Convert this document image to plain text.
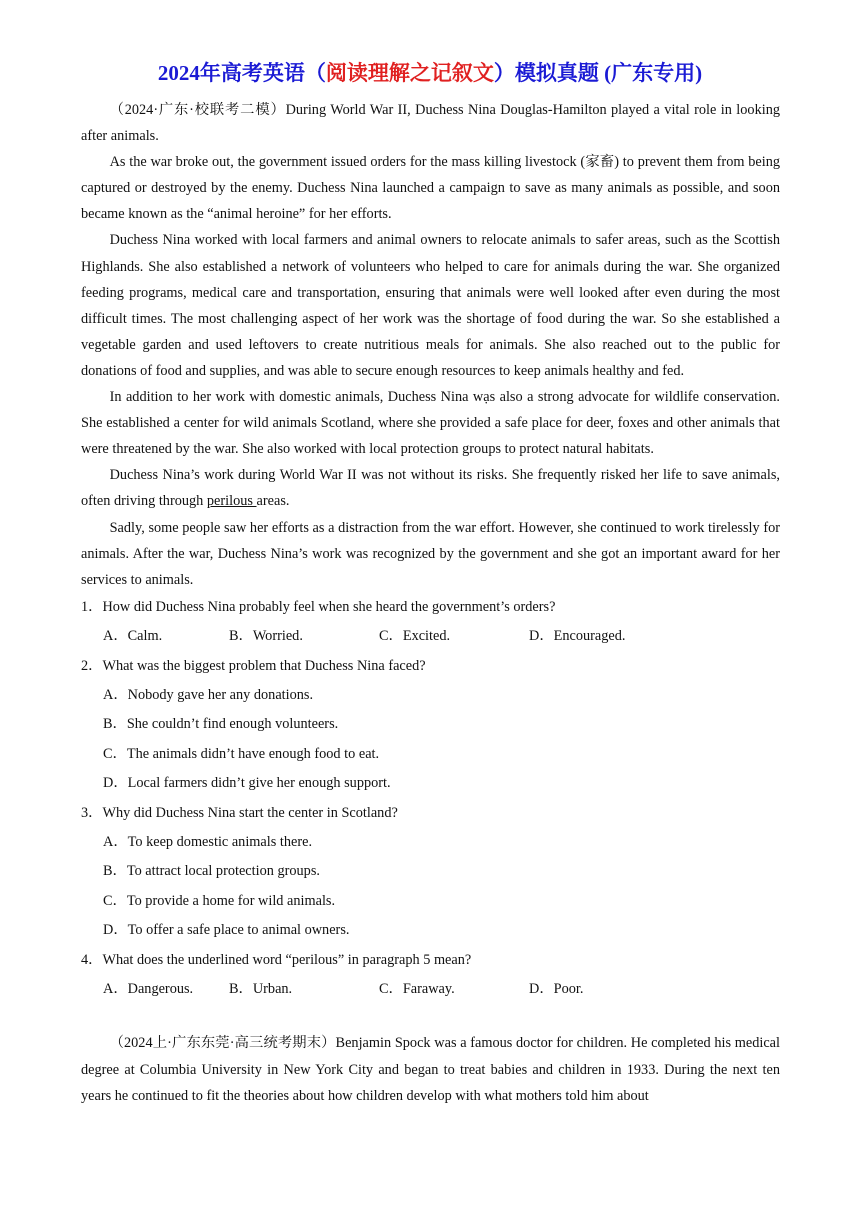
2024年高考英语（阅读理解之记叙文）模拟真题 (广东专用)

（2024·广东·校联考二模）During World War II, Duchess Nina Douglas-Hamilton played a vital role in looking after animals.

As the war broke out, the government issued orders for the mass killing livestock (家畜) to prevent them from being captured or destroyed by the enemy. Duchess Nina launched a campaign to save as many animals as possible, and soon became known as the “animal heroine” for her efforts.

Duchess Nina worked with local farmers and animal owners to relocate animals to safer areas, such as the Scottish Highlands. She also established a network of volunteers who helped to care for animals during the war. She organized feeding programs, medical care and transportation, ensuring that animals were well looked after even during the most difficult times. The most challenging aspect of her work was the shortage of food during the war. So she established a vegetable garden and used leftovers to create nutritious meals for animals. She also reached out to the public for donations of food and supplies, and was able to secure enough resources to keep animals healthy and fed.

In addition to her work with domestic animals, Duchess Nina wạs also a strong advocate for wildlife conservation. She established a center for wild animals Scotland, where she provided a safe place for deer, foxes and other animals that were threatened by the war. She also worked with local protection groups to protect natural habitats.

Duchess Nina’s work during World War II was not without its risks. She frequently risked her life to save animals, often driving through perilous areas.

Sadly, some people saw her efforts as a distraction from the war effort. However, she continued to work tirelessly for animals. After the war, Duchess Nina’s work was recognized by the government and she got an important award for her services to animals.

1．How did Duchess Nina probably feel when she heard the government’s orders?

A．Calm.	B．Worried.	C．Excited.	D．Encouraged.

2．What was the biggest problem that Duchess Nina faced?

A．Nobody gave her any donations.

B．She couldn’t find enough volunteers.

C．The animals didn’t have enough food to eat.

D．Local farmers didn’t give her enough support.

3．Why did Duchess Nina start the center in Scotland?

A．To keep domestic animals there.

B．To attract local protection groups.

C．To provide a home for wild animals.

D．To offer a safe place to animal owners.

4．What does the underlined word “perilous” in paragraph 5 mean?

A．Dangerous.	B．Urban.	C．Faraway.	D．Poor.

（2024上·广东东莞·高三统考期末）Benjamin Spock was a famous doctor for children. He completed his medical degree at Columbia University in New York City and began to treat babies and children in 1933. During the next ten years he continued to fit the theories about how children develop with what mothers told him about
